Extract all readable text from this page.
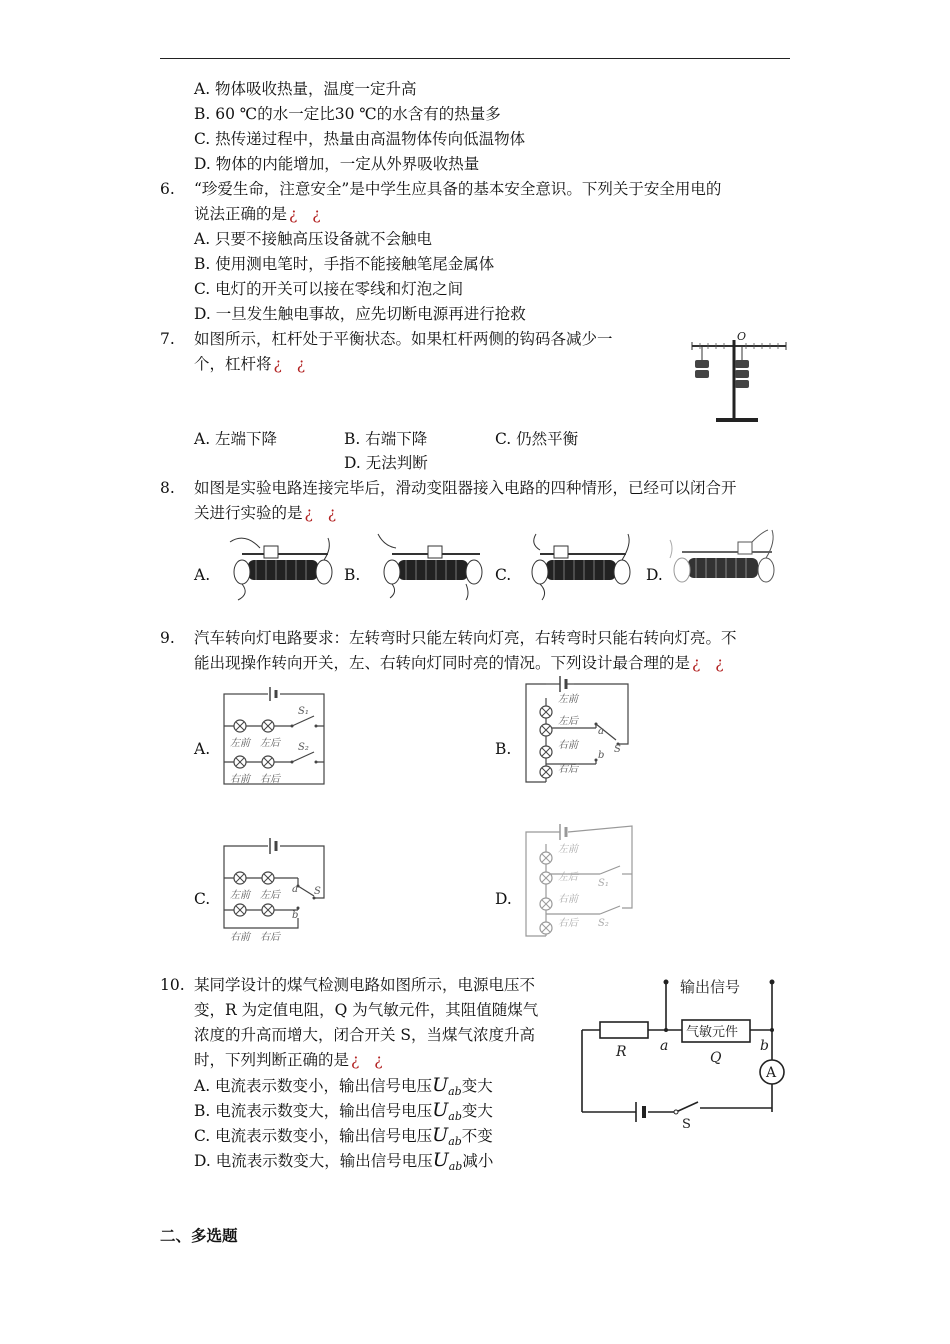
A. 物体吸收热量，温度一定升高
B. 60 ℃的水一定比30 ℃的水含有的热量多
C. 热传递过程中，热量由高温物体传向低温物体
D. 物体的内能增加，一定从外界吸收热量
6. “珍爱生命，注意安全”是中学生应具备的基本安全意识。下列关于安全用电的
说法正确的是 ¿ ¿
A. 只要不接触高压设备就不会触电
B. 使用测电笔时，手指不能接触笔尾金属体
C. 电灯的开关可以接在零线和灯泡之间
D. 一旦发生触电事故，应先切断电源再进行抢救
7. 如图所示，杠杆处于平衡状态。如果杠杆两侧的钩码各减少一
个，杠杆将 ¿ ¿
O
A. 左端下降	B. 右端下降	C. 仍然平衡
D. 无法判断
8. 如图是实验电路连接完毕后，滑动变阻器接入电路的四种情形，已经可以闭合开
关进行实验的是 ¿ ¿
A.	B.	C.	D.
9. 汽车转向灯电路要求：左转弯时只能左转向灯亮，右转弯时只能右转向灯亮。不
能出现操作转向开关，左、右转向灯同时亮的情况。下列设计最合理的是 ¿ ¿
A.	B.
C.	D.
左前 左后
右前 右后
S₁
S₂
左前
左后
右前
右后
a
b
S
左前 左后
右前 右后
a
b
S
左前
左后
右前
右后
S₁
S₂
10. 某同学设计的煤气检测电路如图所示，电源电压不
变，R 为定值电阻，Q 为气敏元件，其阻值随煤气
浓度的升高而增大，闭合开关 S，当煤气浓度升高
时，下列判断正确的是 ¿ ¿
A. 电流表示数变小，输出信号电压$U_{ab}$变大
B. 电流表示数变大，输出信号电压$U_{ab}$变大
C. 电流表示数变小，输出信号电压$U_{ab}$不变
D. 电流表示数变大，输出信号电压$U_{ab}$减小
输出信号
气敏元件
R	Q
a	b
A
S
二、多选题
